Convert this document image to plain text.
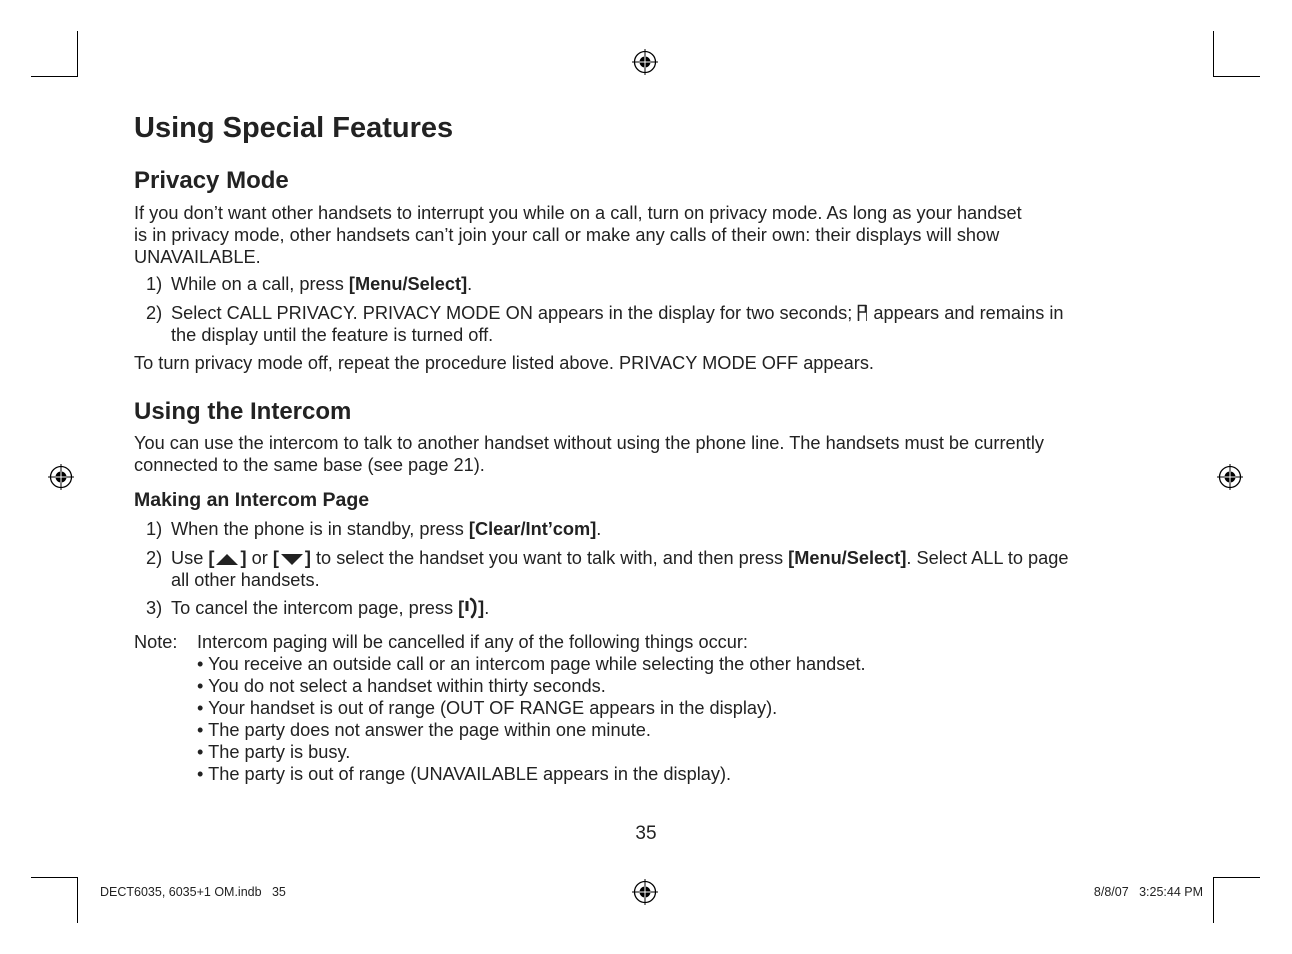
Using Special Features
Privacy Mode
If you don’t want other handsets to interrupt you while on a call, turn on privacy mode. As long as your handset
is in privacy mode, other handsets can’t join your call or make any calls of their own: their displays will show
UNAVAILABLE.
1) While on a call, press [Menu/Select].
2) Select CALL PRIVACY. PRIVACY MODE ON appears in the display for two seconds;  appears and remains in
the display until the feature is turned off.
To turn privacy mode off, repeat the procedure listed above. PRIVACY MODE OFF appears.
Using the Intercom
You can use the intercom to talk to another handset without using the phone line. The handsets must be currently
connected to the same base (see page 21).
Making an Intercom Page
1) When the phone is in standby, press [Clear/Int’com].
2) Use [ ] or [ ] to select the handset you want to talk with, and then press [Menu/Select]. Select ALL to page
all other handsets.
3) To cancel the intercom page, press [ ].
Note: Intercom paging will be cancelled if any of the following things occur:
• You receive an outside call or an intercom page while selecting the other handset.
• You do not select a handset within thirty seconds.
• Your handset is out of range (OUT OF RANGE appears in the display).
• The party does not answer the page within one minute.
• The party is busy.
• The party is out of range (UNAVAILABLE appears in the display).
35
DECT6035, 6035+1 OM.indb   35	8/8/07   3:25:44 PM
